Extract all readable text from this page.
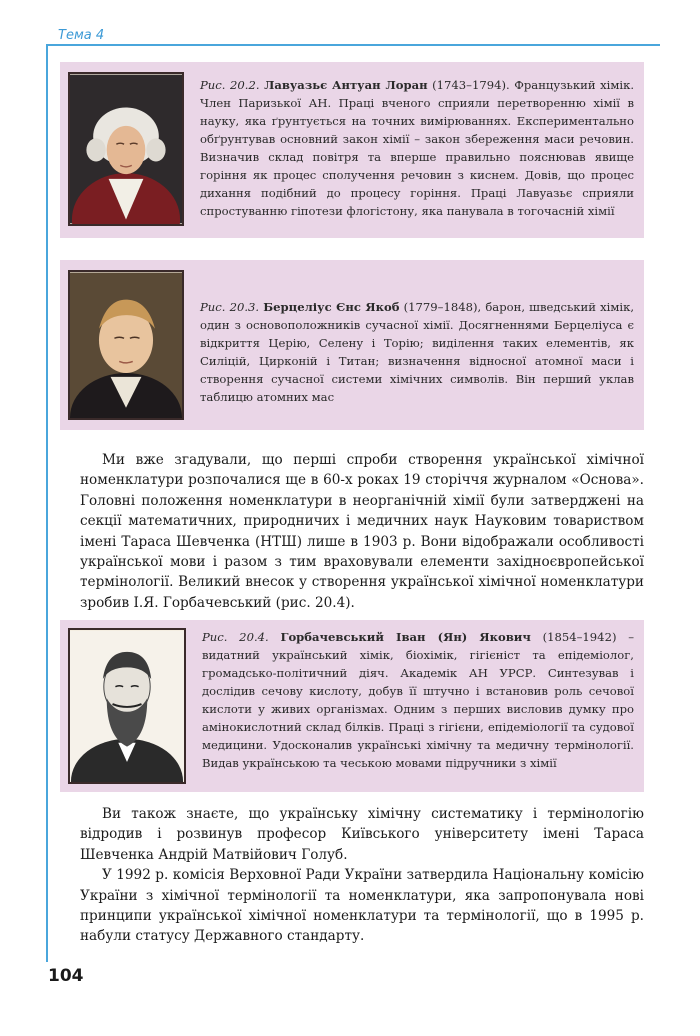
Тема 4

Рис. 20.2. Лавуазьє Антуан Лоран (1743–1794). Французький хімік. Член Паризької АН. Праці вченого сприяли перетворенню хімії в науку, яка ґрунтується на точних вимірюваннях. Експериментально обґрунтував основний закон хімії – закон збереження маси речовин. Визначив склад повітря та вперше правильно пояснював явище горіння як процес сполучення речовин з киснем. Довів, що процес дихання подібний до процесу горіння. Праці Лавуазьє сприяли спростуванню гіпотези флогістону, яка панувала в тогочасній хімії

Рис. 20.3. Берцеліус Єнс Якоб (1779–1848), барон, шведський хімік, один з основоположників сучасної хімії. Досягненнями Берцеліуса є відкриття Церію, Селену і Торію; виділення таких елементів, як Силіцій, Цирконій і Титан; визначення відносної атомної маси і створення сучасної системи хімічних символів. Він перший уклав таблицю атомних мас

Ми вже згадували, що перші спроби створення української хімічної номенклатури розпочалися ще в 60-х роках 19 сторіччя журналом «Основа». Головні положення номенклатури в неорганічній хімії були затверджені на секції математичних, природничих і медичних наук Науковим товариством імені Тараса Шевченка (НТШ) лише в 1903 р. Вони відображали особливості української мови і разом з тим враховували елементи західноєвропейської термінології. Великий внесок у створення української хімічної номенклатури зробив І.Я. Горбачевський (рис. 20.4).

Рис. 20.4. Горбачевський Іван (Ян) Якович (1854–1942) – видатний український хімік, біохімік, гігієніст та епідеміолог, громадсько-політичний діяч. Академік АН УРСР. Синтезував і дослідив сечову кислоту, добув її штучно і встановив роль сечової кислоти у живих організмах. Одним з перших висловив думку про амінокислотний склад білків. Праці з гігієни, епідеміології та судової медицини. Удосконалив українські хімічну та медичну термінології. Видав українською та чеською мовами підручники з хімії

Ви також знаєте, що українську хімічну систематику і термінологію відродив і розвинув професор Київського університету імені Тараса Шевченка Андрій Матвійович Голуб.

У 1992 р. комісія Верховної Ради України затвердила Національну комісію України з хімічної термінології та номенклатури, яка запропонувала нові принципи української хімічної номенклатури та термінології, що в 1995 р. набули статусу Державного стандарту.

104
